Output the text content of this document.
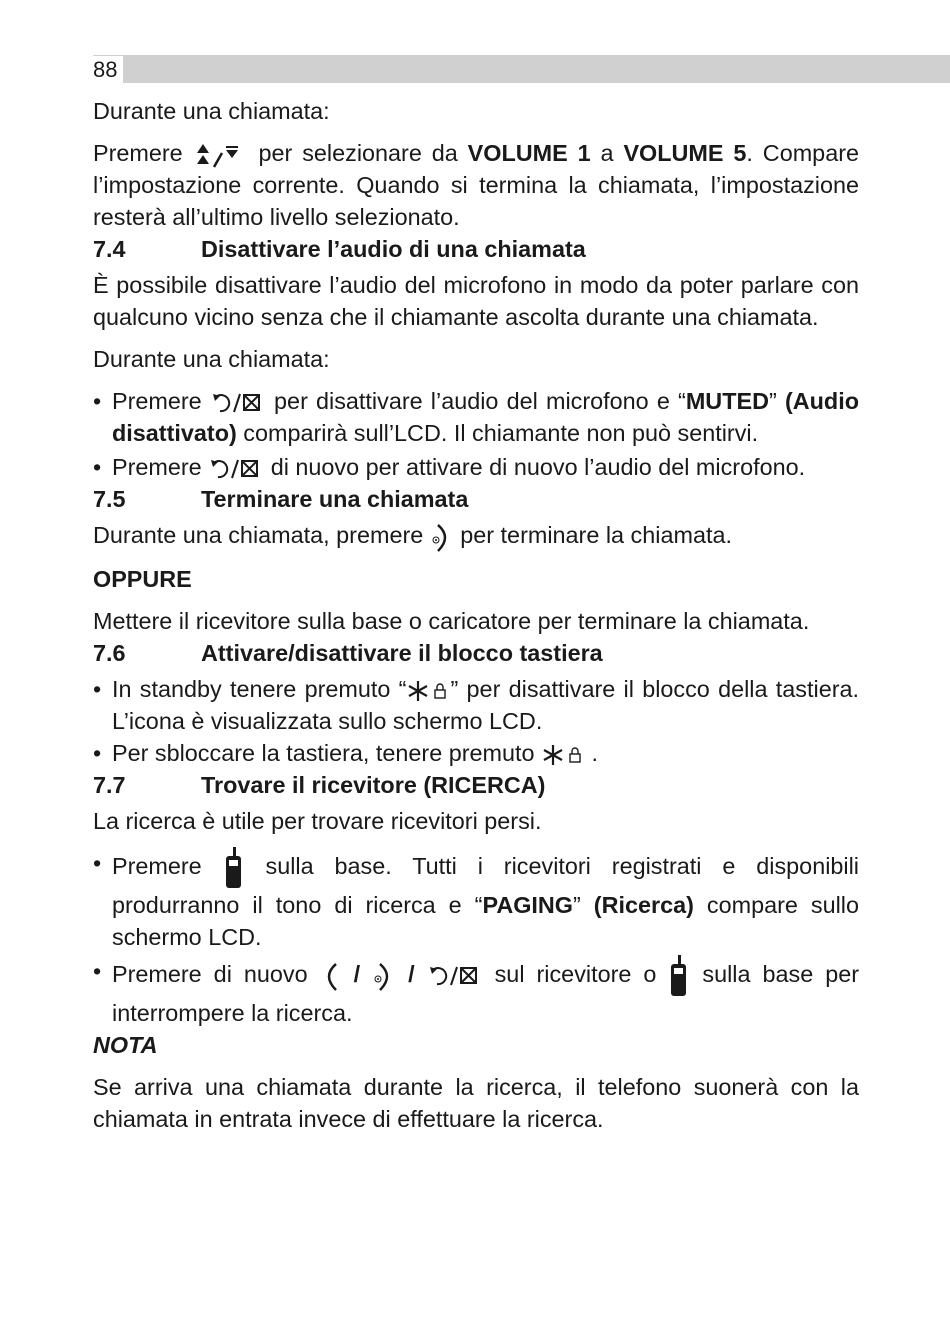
88

Durante una chiamata:

Premere	per selezionare da VOLUME 1 a VOLUME 5. Compare l’impostazione corrente. Quando si termina la chiamata, l’impostazione resterà all’ultimo livello selezionato.

7.4	Disattivare l’audio di una chiamata

È possibile disattivare l’audio del microfono in modo da poter parlare con qualcuno vicino senza che il chiamante ascolta durante una chiamata.

Durante una chiamata:

• Premere	per disattivare l’audio del microfono e “MUTED” (Audio disattivato) comparirà sull’LCD. Il chiamante non può sentirvi.
• Premere	di nuovo per attivare di nuovo l’audio del microfono.
7.5	Terminare una chiamata

Durante una chiamata, premere
per terminare la chiamata.

OPPURE

Mettere il ricevitore sulla base o caricatore per terminare la chiamata.

7.6	Attivare/disattivare il blocco tastiera
• In standby tenere premuto “ ” per disattivare il blocco della tastiera. L’icona è visualizzata sullo schermo LCD.
• Per sbloccare la tastiera, tenere premuto
.
7.7	Trovare il ricevitore (RICERCA)

La ricerca è utile per trovare ricevitori persi.

• Premere
sulla base. Tutti i ricevitori registrati e disponibili produrranno il tono di ricerca e “PAGING” (Ricerca) compare sullo schermo LCD.
• Premere di nuovo
/
/	sul ricevitore o
sulla base per interrompere la ricerca.

NOTA

Se arriva una chiamata durante la ricerca, il telefono suonerà con la chiamata in entrata invece di effettuare la ricerca.
